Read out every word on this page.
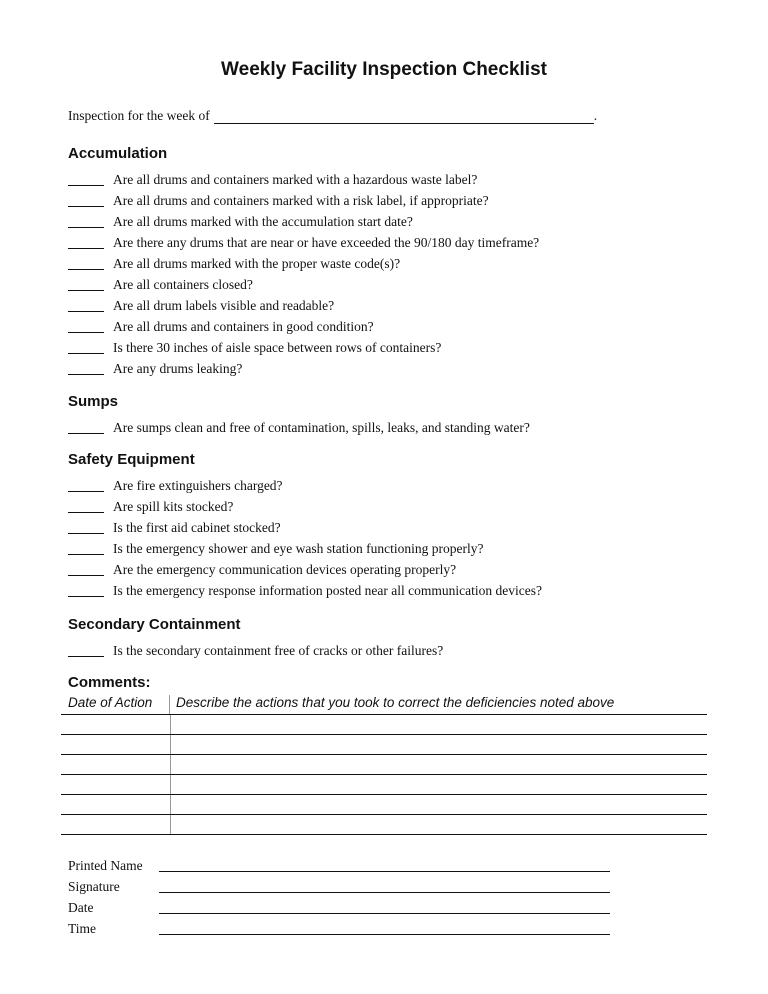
Weekly Facility Inspection Checklist
Inspection for the week of	.
Accumulation
Are all drums and containers marked with a hazardous waste label?
Are all drums and containers marked with a risk label, if appropriate?
Are all drums marked with the accumulation start date?
Are there any drums that are near or have exceeded the 90/180 day timeframe?
Are all drums marked with the proper waste code(s)?
Are all containers closed?
Are all drum labels visible and readable?
Are all drums and containers in good condition?
Is there 30 inches of aisle space between rows of containers?
Are any drums leaking?
Sumps
Are sumps clean and free of contamination, spills, leaks, and standing water?
Safety Equipment
Are fire extinguishers charged?
Are spill kits stocked?
Is the first aid cabinet stocked?
Is the emergency shower and eye wash station functioning properly?
Are the emergency communication devices operating properly?
Is the emergency response information posted near all communication devices?
Secondary Containment
Is the secondary containment free of cracks or other failures?
Comments:
Date of Action	Describe the actions that you took to correct the deficiencies noted above
Printed Name
Signature
Date
Time
